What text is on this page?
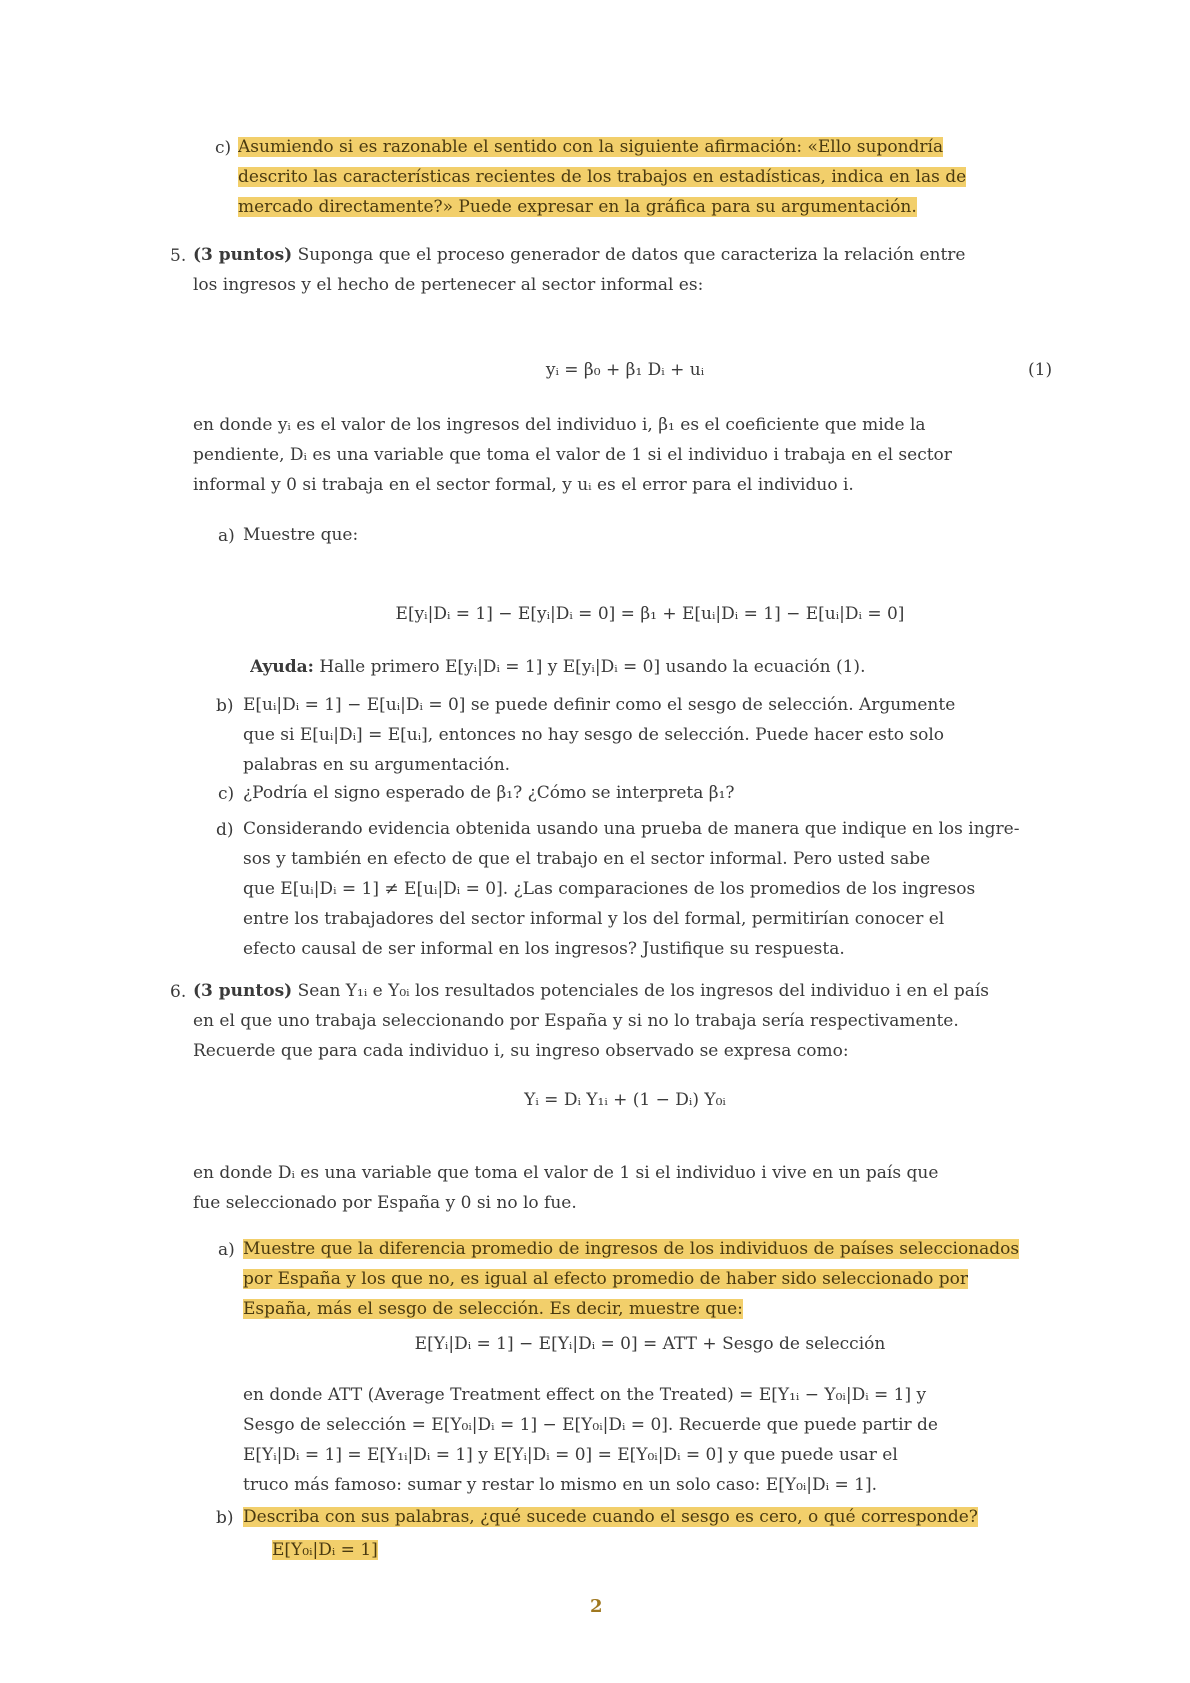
c) Asumiendo si es razonable el sentido con la siguiente afirmación: «Ello supondría
descrito las características recientes de los trabajos en estadísticas, indica en las de
mercado directamente?» Puede expresar en la gráfica para su argumentación.
5. (3 puntos) Suponga que el proceso generador de datos que caracteriza la relación entre
los ingresos y el hecho de pertenecer al sector informal es:
yᵢ = β₀ + β₁ Dᵢ + uᵢ	(1)
en donde yᵢ es el valor de los ingresos del individuo i, β₁ es el coeficiente que mide la
pendiente, Dᵢ es una variable que toma el valor de 1 si el individuo i trabaja en el sector
informal y 0 si trabaja en el sector formal, y uᵢ es el error para el individuo i.
a) Muestre que:
E[yᵢ|Dᵢ = 1] − E[yᵢ|Dᵢ = 0] = β₁ + E[uᵢ|Dᵢ = 1] − E[uᵢ|Dᵢ = 0]
Ayuda: Halle primero E[yᵢ|Dᵢ = 1] y E[yᵢ|Dᵢ = 0] usando la ecuación (1).
b) E[uᵢ|Dᵢ = 1] − E[uᵢ|Dᵢ = 0] se puede definir como el sesgo de selección. Argumente
que si E[uᵢ|Dᵢ] = E[uᵢ], entonces no hay sesgo de selección. Puede hacer esto solo
palabras en su argumentación.
c) ¿Podría el signo esperado de β₁? ¿Cómo se interpreta β₁?
d) Considerando evidencia obtenida usando una prueba de manera que indique en los ingre-
sos y también en efecto de que el trabajo en el sector informal. Pero usted sabe
que E[uᵢ|Dᵢ = 1] ≠ E[uᵢ|Dᵢ = 0]. ¿Las comparaciones de los promedios de los ingresos
entre los trabajadores del sector informal y los del formal, permitirían conocer el
efecto causal de ser informal en los ingresos? Justifique su respuesta.
6. (3 puntos) Sean Y₁ᵢ e Y₀ᵢ los resultados potenciales de los ingresos del individuo i en el país
en el que uno trabaja seleccionando por España y si no lo trabaja sería respectivamente.
Recuerde que para cada individuo i, su ingreso observado se expresa como:
Yᵢ = Dᵢ Y₁ᵢ + (1 − Dᵢ) Y₀ᵢ
en donde Dᵢ es una variable que toma el valor de 1 si el individuo i vive en un país que
fue seleccionado por España y 0 si no lo fue.
a) Muestre que la diferencia promedio de ingresos de los individuos de países seleccionados
por España y los que no, es igual al efecto promedio de haber sido seleccionado por
España, más el sesgo de selección. Es decir, muestre que:
E[Yᵢ|Dᵢ = 1] − E[Yᵢ|Dᵢ = 0] = ATT + Sesgo de selección
en donde ATT (Average Treatment effect on the Treated) = E[Y₁ᵢ − Y₀ᵢ|Dᵢ = 1] y
Sesgo de selección = E[Y₀ᵢ|Dᵢ = 1] − E[Y₀ᵢ|Dᵢ = 0]. Recuerde que puede partir de
E[Yᵢ|Dᵢ = 1] = E[Y₁ᵢ|Dᵢ = 1] y E[Yᵢ|Dᵢ = 0] = E[Y₀ᵢ|Dᵢ = 0] y que puede usar el
truco más famoso: sumar y restar lo mismo en un solo caso: E[Y₀ᵢ|Dᵢ = 1].
b) Describa con sus palabras, ¿qué sucede cuando el sesgo es cero, o qué corresponde?
E[Y₀ᵢ|Dᵢ = 1]
2
